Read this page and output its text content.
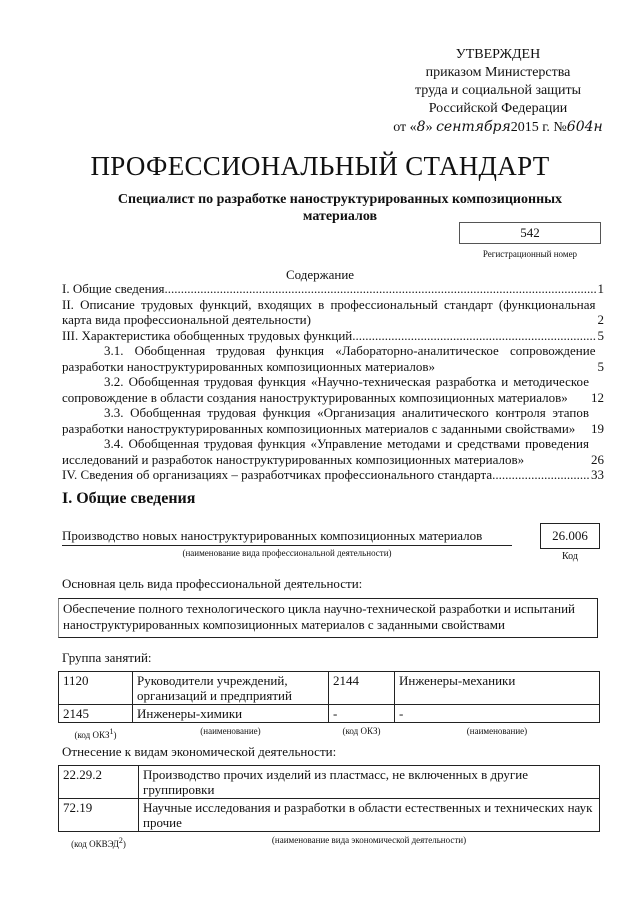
УТВЕРЖДЕН
приказом Министерства
труда и социальной защиты
Российской Федерации
от «8» сентября2015 г. №604н
ПРОФЕССИОНАЛЬНЫЙ СТАНДАРТ
Специалист по разработке наноструктурированных композиционных материалов
542
Регистрационный номер
Содержание
I. Общие сведения .....	1
II. Описание трудовых функций, входящих в профессиональный стандарт (функциональная карта вида профессиональной деятельности)	2
III. Характеристика обобщенных трудовых функций .....	5
3.1. Обобщенная трудовая функция «Лабораторно-аналитическое сопровождение разработки наноструктурированных композиционных материалов»	5
3.2. Обобщенная трудовая функция «Научно-техническая разработка и методическое сопровождение в области создания наноструктурированных композиционных материалов»	12
3.3. Обобщенная трудовая функция «Организация аналитического контроля этапов разработки наноструктурированных композиционных материалов с заданными свойствами»	19
3.4. Обобщенная трудовая функция «Управление методами и средствами проведения исследований и разработок наноструктурированных композиционных материалов»	26
IV. Сведения об организациях – разработчиках профессионального стандарта .....	33
I. Общие сведения
Производство новых наноструктурированных композиционных материалов
(наименование вида профессиональной деятельности)
26.006
Код
Основная цель вида профессиональной деятельности:
Обеспечение полного технологического цикла научно-технической разработки и испытаний наноструктурированных композиционных материалов с заданными свойствами
Группа занятий:
1120	Руководители учреждений, организаций и предприятий	2144	Инженеры-механики
2145	Инженеры-химики	-	-
(код ОКЗ$^1$)	(наименование)	(код ОКЗ)	(наименование)
Отнесение к видам экономической деятельности:
22.29.2	Производство прочих изделий из пластмасс, не включенных в другие группировки
72.19	Научные исследования и разработки в области естественных и технических наук прочие
(код ОКВЭД$^2$)	(наименование вида экономической деятельности)
